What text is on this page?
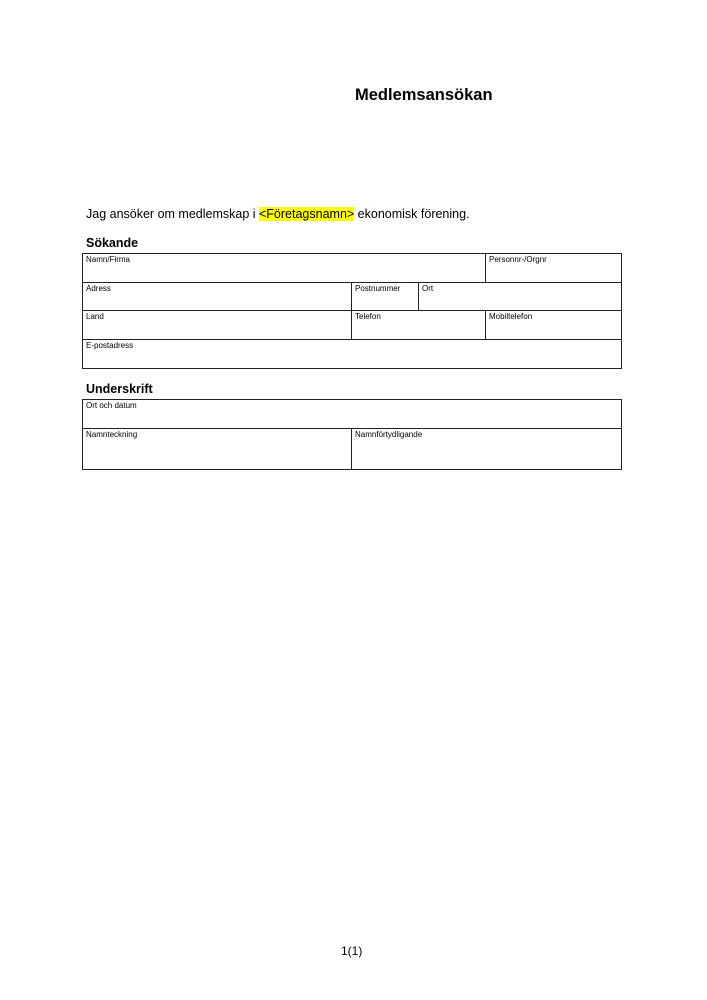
Medlemsansökan
Jag ansöker om medlemskap i <Företagsnamn> ekonomisk förening.
Sökande
Namn/Firma			Personnr-/Orgnr
Adress	Postnummer	Ort	
Land	Telefon		Mobiltelefon
E-postadress			
Underskrift
Ort och datum
Namnteckning	Namnförtydligande
1(1)
